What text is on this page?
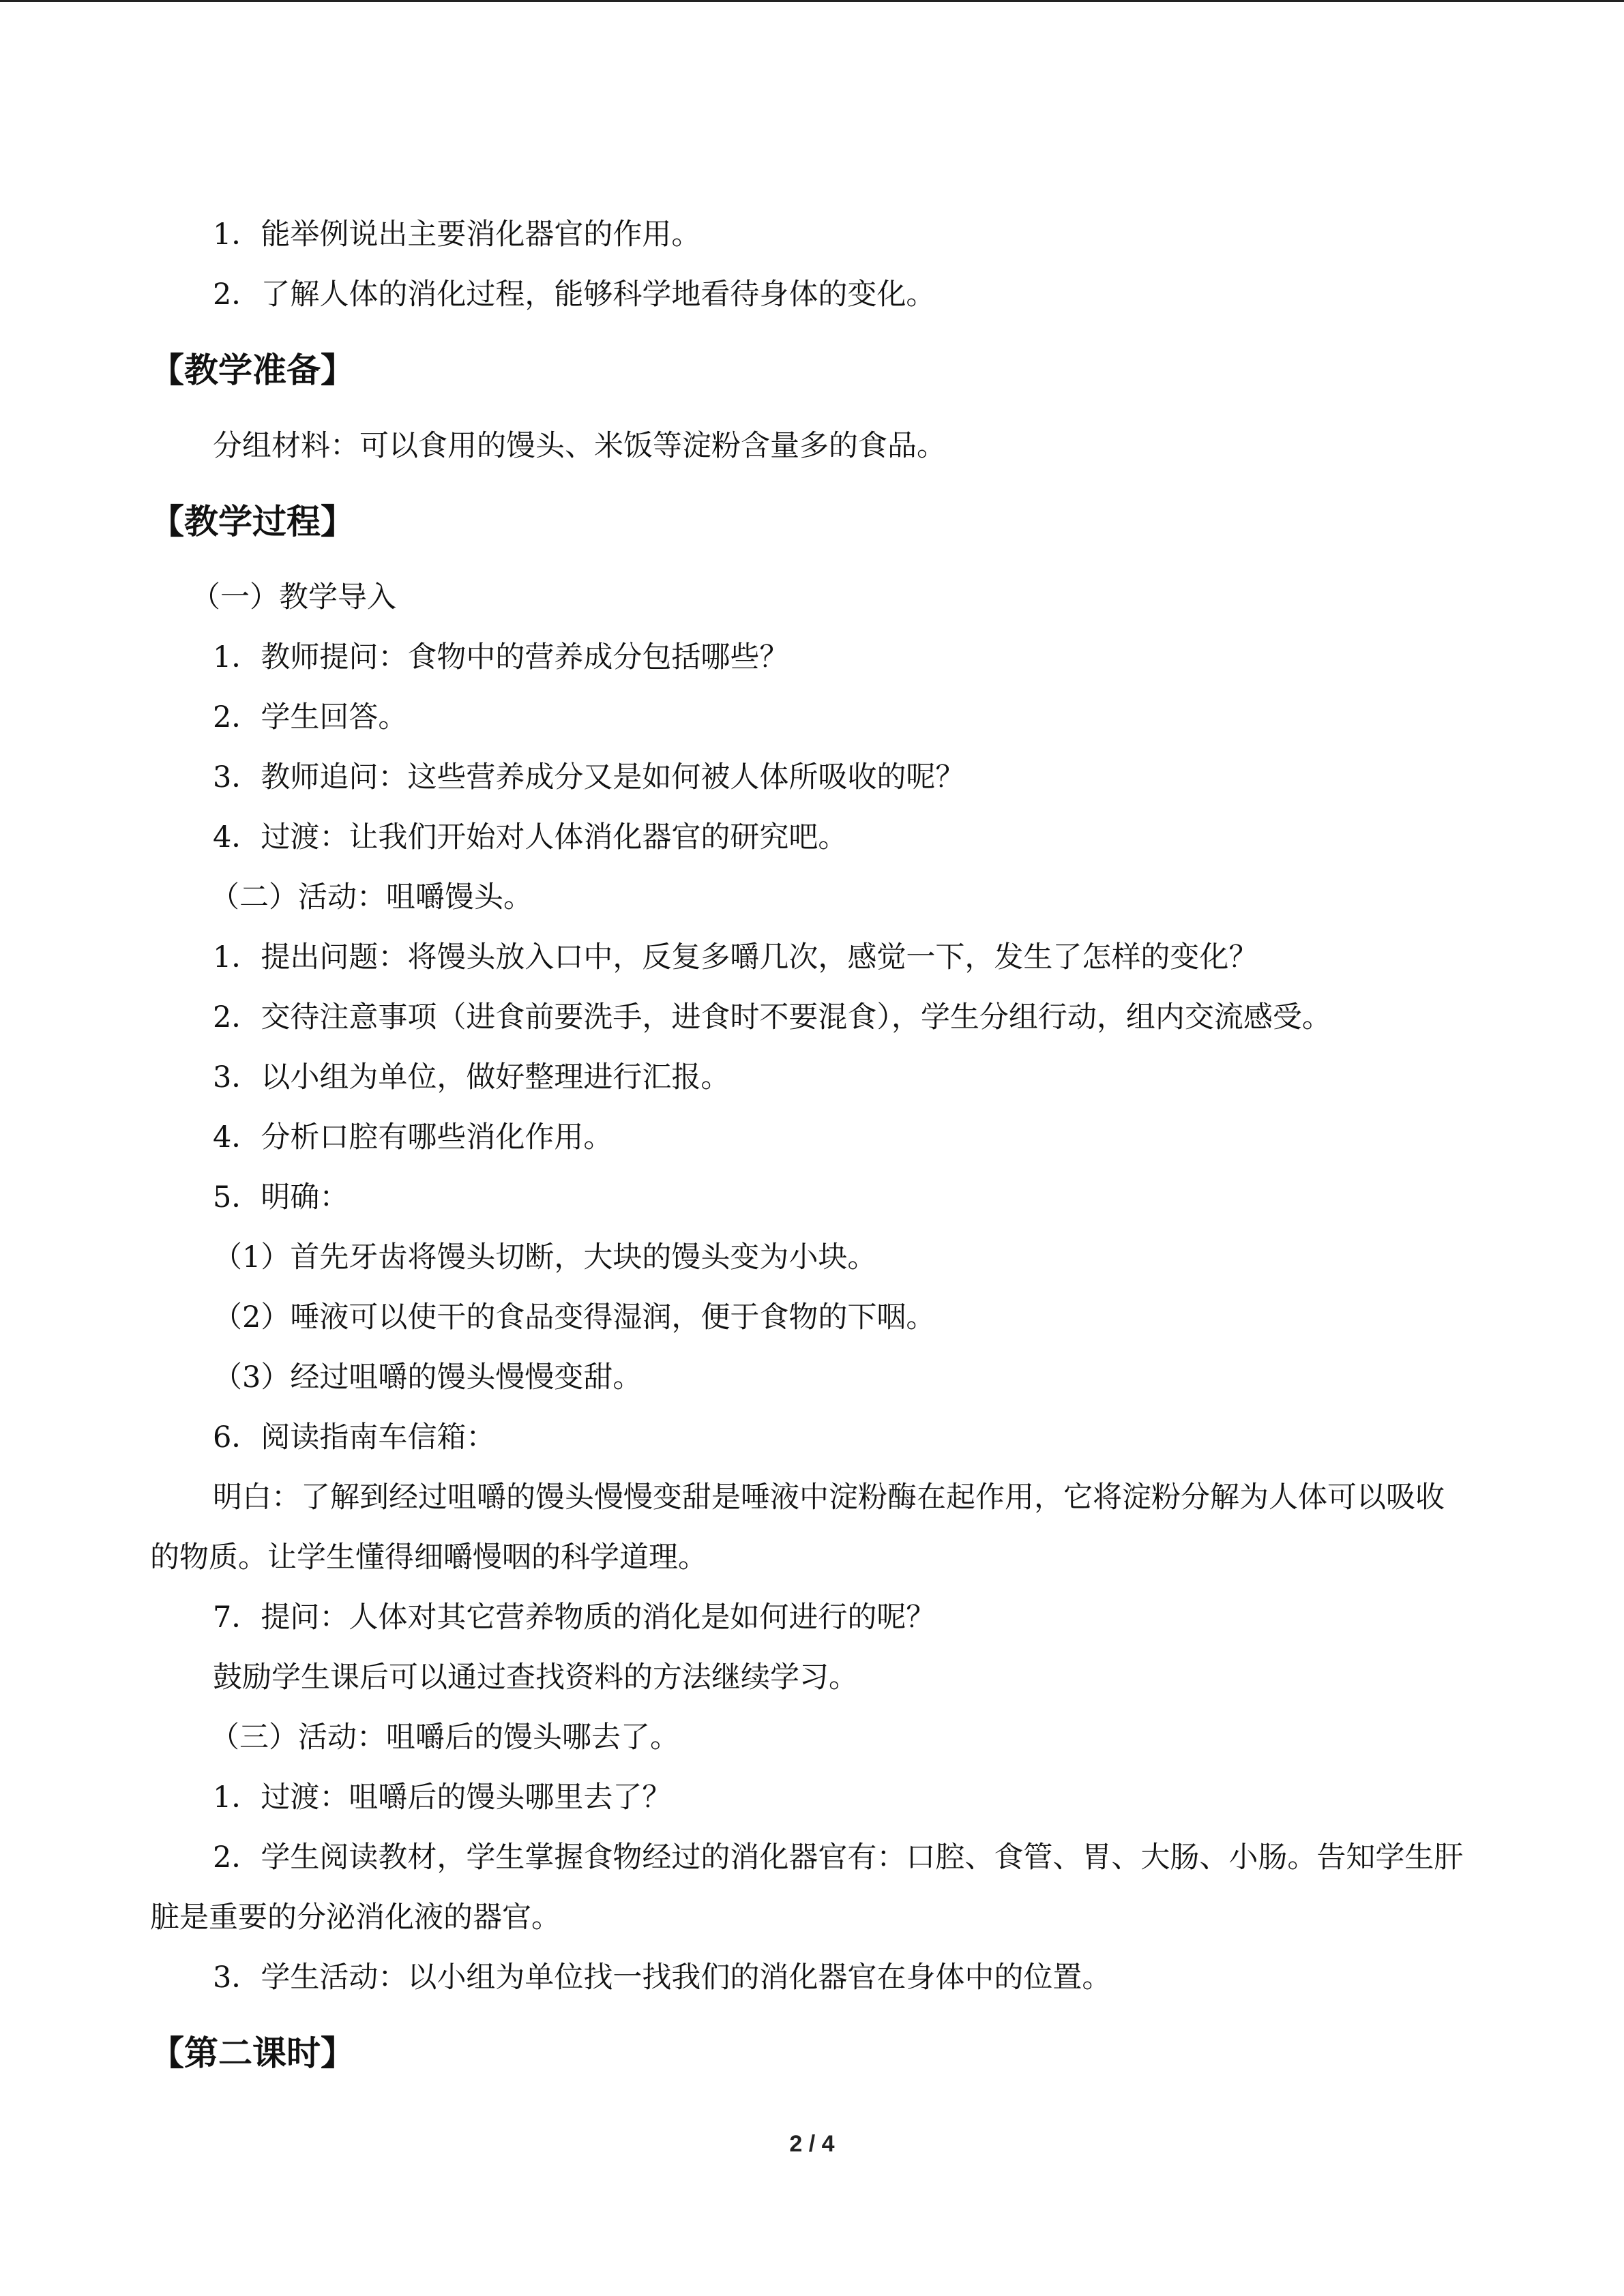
1．能举例说出主要消化器官的作用。

2．了解人体的消化过程，能够科学地看待身体的变化。

【教学准备】

分组材料：可以食用的馒头、米饭等淀粉含量多的食品。

【教学过程】

（一）教学导入

1．教师提问：食物中的营养成分包括哪些？

2．学生回答。

3．教师追问：这些营养成分又是如何被人体所吸收的呢？

4．过渡：让我们开始对人体消化器官的研究吧。

（二）活动：咀嚼馒头。

1．提出问题：将馒头放入口中，反复多嚼几次，感觉一下，发生了怎样的变化？

2．交待注意事项（进食前要洗手，进食时不要混食），学生分组行动，组内交流感受。

3．以小组为单位，做好整理进行汇报。

4．分析口腔有哪些消化作用。

5．明确：

（1）首先牙齿将馒头切断，大块的馒头变为小块。

（2）唾液可以使干的食品变得湿润，便于食物的下咽。

（3）经过咀嚼的馒头慢慢变甜。

6．阅读指南车信箱：

明白：了解到经过咀嚼的馒头慢慢变甜是唾液中淀粉酶在起作用，它将淀粉分解为人体可以吸收的物质。让学生懂得细嚼慢咽的科学道理。

7．提问：人体对其它营养物质的消化是如何进行的呢？

鼓励学生课后可以通过查找资料的方法继续学习。

（三）活动：咀嚼后的馒头哪去了。

1．过渡：咀嚼后的馒头哪里去了？

2．学生阅读教材，学生掌握食物经过的消化器官有：口腔、食管、胃、大肠、小肠。告知学生肝脏是重要的分泌消化液的器官。

3．学生活动：以小组为单位找一找我们的消化器官在身体中的位置。

【第二课时】
2 / 4
